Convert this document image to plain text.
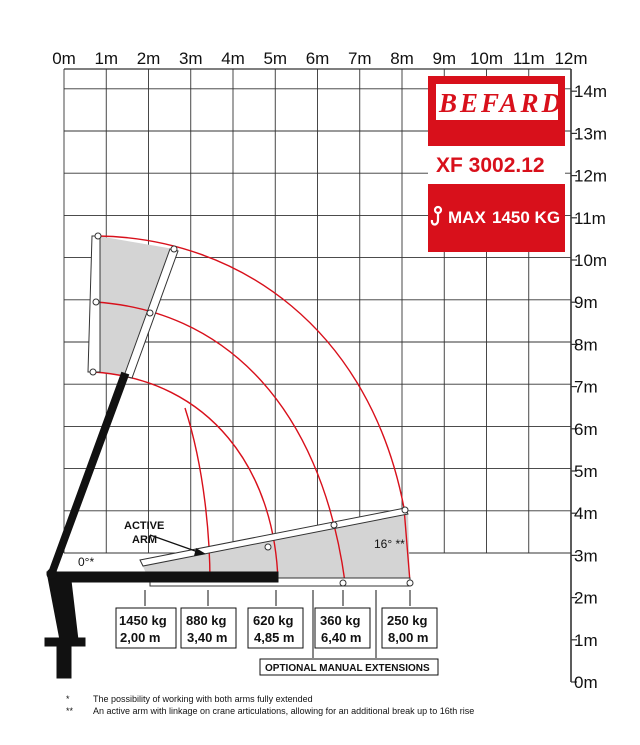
0m 1m 2m 3m 4m 5m 6m 7m 8m 9m 10m 11m 12m
14m
13m
12m
11m
10m
9m
8m
7m
6m
5m
4m
3m
2m
1m
0m
ACTIVE
ARM
0°*
16° **
1450 kg
2,00 m
880 kg
3,40 m
620 kg
4,85 m
360 kg
6,40 m
250 kg
8,00 m
OPTIONAL MANUAL EXTENSIONS
BEFARD
XF 3002.12
MAX 1450 KG
*	The possibility of working with both arms fully extended
** An active arm with linkage on crane articulations, allowing for an additional break up to 16th rise
